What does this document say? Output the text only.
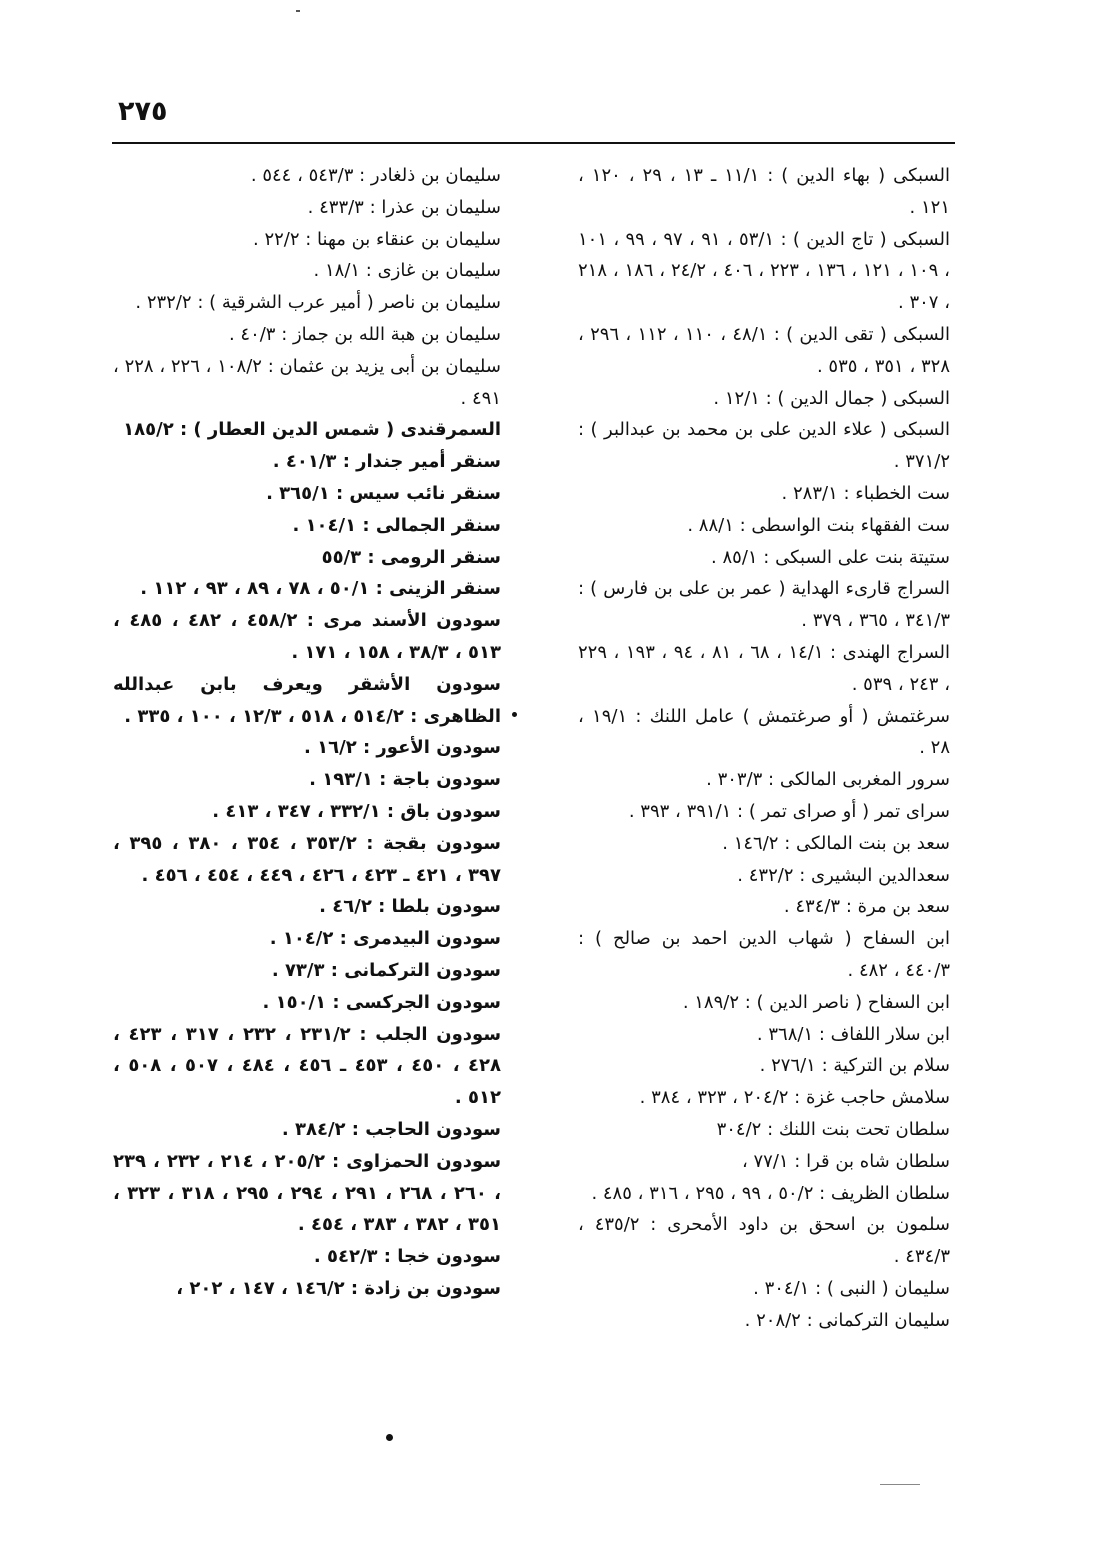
٢٧٥

السبكى ( بهاء الدين ) : ١١/١ ـ ١٣ ، ٢٩ ، ١٢٠ ، ١٢١ .

السبكى ( تاج الدين ) : ٥٣/١ ، ٩١ ، ٩٧ ، ٩٩ ، ١٠١ ، ١٠٩ ، ١٢١ ، ١٣٦ ، ٢٢٣ ، ٤٠٦ ، ٢٤/٢ ، ١٨٦ ، ٢١٨ ، ٣٠٧ .

السبكى ( تقى الدين ) : ٤٨/١ ، ١١٠ ، ١١٢ ، ٢٩٦ ، ٣٢٨ ، ٣٥١ ، ٥٣٥ .

السبكى ( جمال الدين ) : ١٢/١ .

السبكى ( علاء الدين على بن محمد بن عبدالبر ) : ٣٧١/٢ .

ست الخطباء : ٢٨٣/١ .

ست الفقهاء بنت الواسطى : ٨٨/١ .

ستيتة بنت على السبكى : ٨٥/١ .

السراج قارىء الهداية ( عمر بن على بن فارس ) : ٣٤١/٣ ، ٣٦٥ ، ٣٧٩ .

السراج الهندى : ١٤/١ ، ٦٨ ، ٨١ ، ٩٤ ، ١٩٣ ، ٢٢٩ ، ٢٤٣ ، ٥٣٩ .

سرغتمش ( أو صرغتمش ) عامل اللنك : ١٩/١ ، ٢٨ .

سرور المغربى المالكى : ٣٠٣/٣ .

سراى تمر ( أو صراى تمر ) : ٣٩١/١ ، ٣٩٣ .

سعد بن بنت المالكى : ١٤٦/٢ .

سعدالدين البشيرى : ٤٣٢/٢ .

سعد بن مرة : ٤٣٤/٣ .

ابن السفاح ( شهاب الدين احمد بن صالح ) : ٤٤٠/٣ ، ٤٨٢ .

ابن السفاح ( ناصر الدين ) : ١٨٩/٢ .

ابن سلار اللفاف : ٣٦٨/١ .

سلام بن التركية : ٢٧٦/١ .

سلامش حاجب غزة : ٢٠٤/٢ ، ٣٢٣ ، ٣٨٤ .

سلطان تحت بنت اللنك : ٣٠٤/٢

سلطان شاه بن قرا : ٧٧/١ ،

سلطان الظريف : ٥٠/٢ ، ٩٩ ، ٢٩٥ ، ٣١٦ ، ٤٨٥ .

سلمون بن اسحق بن داود الأمحرى : ٤٣٥/٢ ، ٤٣٤/٣ .

سليمان ( النبى ) : ٣٠٤/١ .

سليمان التركمانى : ٢٠٨/٢ .

سليمان بن ذلغادر : ٥٤٣/٣ ، ٥٤٤ .

سليمان بن عذرا : ٤٣٣/٣ .

سليمان بن عنقاء بن مهنا : ٢٢/٢ .

سليمان بن غازى : ١٨/١ .

سليمان بن ناصر ( أمير عرب الشرقية ) : ٢٣٢/٢ .

سليمان بن هبة الله بن جماز : ٤٠/٣ .

سليمان بن أبى يزيد بن عثمان : ١٠٨/٢ ، ٢٢٦ ، ٢٢٨ ، ٤٩١ .

السمرقندى ( شمس الدين العطار ) : ١٨٥/٢

سنقر أمير جندار : ٤٠١/٣ .

سنقر نائب سيس : ٣٦٥/١ .

سنقر الجمالى : ١٠٤/١ .

سنقر الرومى : ٥٥/٣

سنقر الزينى : ٥٠/١ ، ٧٨ ، ٨٩ ، ٩٣ ، ١١٢ .

سودون الأسند مرى : ٤٥٨/٢ ، ٤٨٢ ، ٤٨٥ ، ٥١٣ ، ٣٨/٣ ، ١٥٨ ، ١٧١ .

سودون الأشقر ويعرف بابن عبدالله الظاهرى : ٥١٤/٢ ، ٥١٨ ، ١٢/٣ ، ١٠٠ ، ٣٣٥ .

سودون الأعور : ١٦/٢ .

سودون باجة : ١٩٣/١ .

سودون باق : ٣٣٢/١ ، ٣٤٧ ، ٤١٣ .

سودون بقجة : ٣٥٣/٢ ، ٣٥٤ ، ٣٨٠ ، ٣٩٥ ، ٣٩٧ ، ٤٢١ ـ ٤٢٣ ، ٤٢٦ ، ٤٤٩ ، ٤٥٤ ، ٤٥٦ .

سودون بلطا : ٤٦/٢ .

سودون البيدمرى : ١٠٤/٢ .

سودون التركمانى : ٧٣/٣ .

سودون الجركسى : ١٥٠/١ .

سودون الجلب : ٢٣١/٢ ، ٢٣٢ ، ٣١٧ ، ٤٢٣ ، ٤٢٨ ، ٤٥٠ ، ٤٥٣ ـ ٤٥٦ ، ٤٨٤ ، ٥٠٧ ، ٥٠٨ ، ٥١٢ .

سودون الحاجب : ٣٨٤/٢ .

سودون الحمزاوى : ٢٠٥/٢ ، ٢١٤ ، ٢٣٢ ، ٢٣٩ ، ٢٦٠ ، ٢٦٨ ، ٢٩١ ، ٢٩٤ ، ٢٩٥ ، ٣١٨ ، ٣٢٣ ، ٣٥١ ، ٣٨٢ ، ٣٨٣ ، ٤٥٤ .

سودون خجا : ٥٤٢/٣ .

سودون بن زادة : ١٤٦/٢ ، ١٤٧ ، ٢٠٢ ،
